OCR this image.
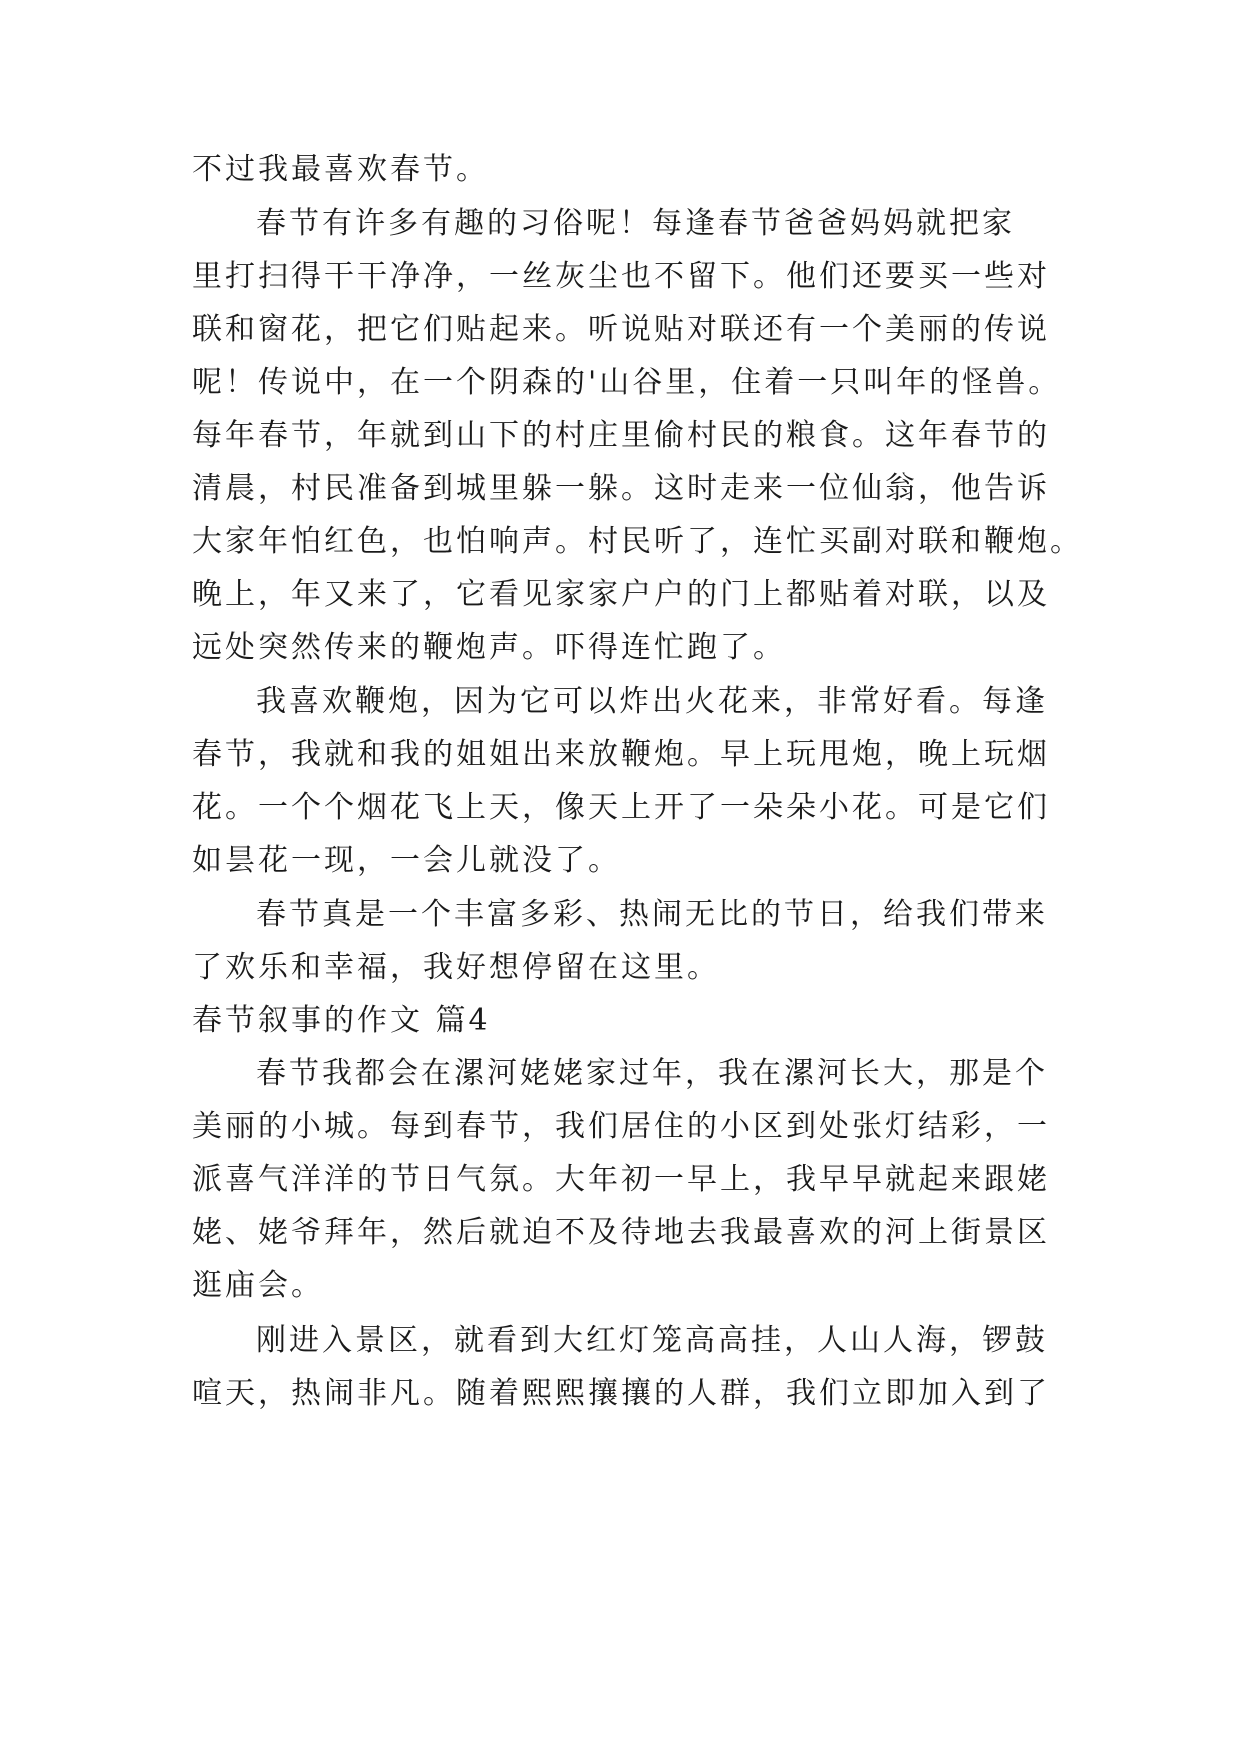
不过我最喜欢春节。
春节有许多有趣的习俗呢！每逢春节爸爸妈妈就把家
里打扫得干干净净，一丝灰尘也不留下。他们还要买一些对
联和窗花，把它们贴起来。听说贴对联还有一个美丽的传说
呢！传说中，在一个阴森的'山谷里，住着一只叫年的怪兽。
每年春节，年就到山下的村庄里偷村民的粮食。这年春节的
清晨，村民准备到城里躲一躲。这时走来一位仙翁，他告诉
大家年怕红色，也怕响声。村民听了，连忙买副对联和鞭炮。
晚上，年又来了，它看见家家户户的门上都贴着对联，以及
远处突然传来的鞭炮声。吓得连忙跑了。
我喜欢鞭炮，因为它可以炸出火花来，非常好看。每逢
春节，我就和我的姐姐出来放鞭炮。早上玩甩炮，晚上玩烟
花。一个个烟花飞上天，像天上开了一朵朵小花。可是它们
如昙花一现，一会儿就没了。
春节真是一个丰富多彩、热闹无比的节日，给我们带来
了欢乐和幸福，我好想停留在这里。
春节叙事的作文 篇4
春节我都会在漯河姥姥家过年，我在漯河长大，那是个
美丽的小城。每到春节，我们居住的小区到处张灯结彩，一
派喜气洋洋的节日气氛。大年初一早上，我早早就起来跟姥
姥、姥爷拜年，然后就迫不及待地去我最喜欢的河上街景区
逛庙会。
刚进入景区，就看到大红灯笼高高挂，人山人海，锣鼓
喧天，热闹非凡。随着熙熙攘攘的人群，我们立即加入到了
